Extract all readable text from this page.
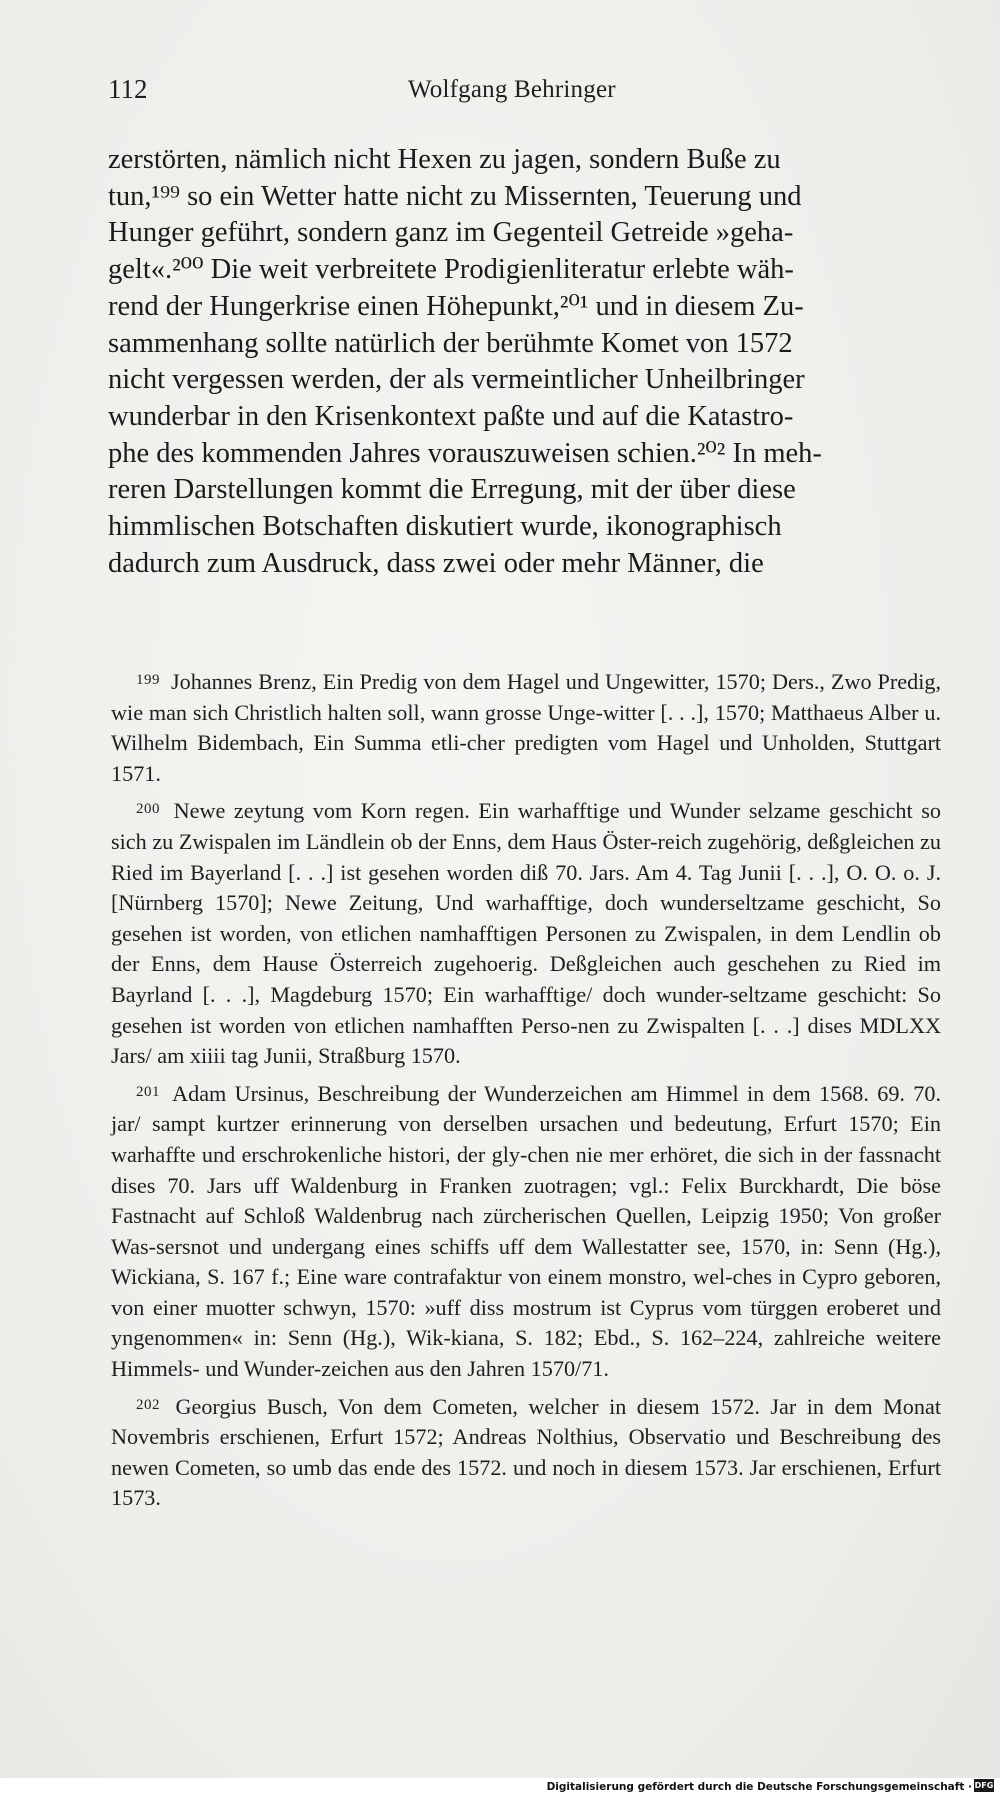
112	Wolfgang Behringer
zerstörten, nämlich nicht Hexen zu jagen, sondern Buße zu
tun,¹⁹⁹ so ein Wetter hatte nicht zu Missernten, Teuerung und
Hunger geführt, sondern ganz im Gegenteil Getreide »geha-
gelt«.²⁰⁰ Die weit verbreitete Prodigienliteratur erlebte wäh-
rend der Hungerkrise einen Höhepunkt,²⁰¹ und in diesem Zu-
sammenhang sollte natürlich der berühmte Komet von 1572
nicht vergessen werden, der als vermeintlicher Unheilbringer
wunderbar in den Krisenkontext paßte und auf die Katastro-
phe des kommenden Jahres vorauszuweisen schien.²⁰² In meh-
reren Darstellungen kommt die Erregung, mit der über diese
himmlischen Botschaften diskutiert wurde, ikonographisch
dadurch zum Ausdruck, dass zwei oder mehr Männer, die

$^{199}$ Johannes Brenz, Ein Predig von dem Hagel und Ungewitter, 1570; Ders., Zwo Predig, wie man sich Christlich halten soll, wann grosse Unge-witter [. . .], 1570; Matthaeus Alber u. Wilhelm Bidembach, Ein Summa etli-cher predigten vom Hagel und Unholden, Stuttgart 1571.

$^{200}$ Newe zeytung vom Korn regen. Ein warhafftige und Wunder selzame geschicht so sich zu Zwispalen im Ländlein ob der Enns, dem Haus Öster-reich zugehörig, deßgleichen zu Ried im Bayerland [. . .] ist gesehen worden diß 70. Jars. Am 4. Tag Junii [. . .], O. O. o. J. [Nürnberg 1570]; Newe Zeitung, Und warhafftige, doch wunderseltzame geschicht, So gesehen ist worden, von etlichen namhafftigen Personen zu Zwispalen, in dem Lendlin ob der Enns, dem Hause Österreich zugehoerig. Deßgleichen auch geschehen zu Ried im Bayrland [. . .], Magdeburg 1570; Ein warhafftige/ doch wunder-seltzame geschicht: So gesehen ist worden von etlichen namhafften Perso-nen zu Zwispalten [. . .] dises MDLXX Jars/ am xiiii tag Junii, Straßburg 1570.

$^{201}$ Adam Ursinus, Beschreibung der Wunderzeichen am Himmel in dem 1568. 69. 70. jar/ sampt kurtzer erinnerung von derselben ursachen und bedeutung, Erfurt 1570; Ein warhaffte und erschrokenliche histori, der gly-chen nie mer erhöret, die sich in der fassnacht dises 70. Jars uff Waldenburg in Franken zuotragen; vgl.: Felix Burckhardt, Die böse Fastnacht auf Schloß Waldenbrug nach zürcherischen Quellen, Leipzig 1950; Von großer Was-sersnot und undergang eines schiffs uff dem Wallestatter see, 1570, in: Senn (Hg.), Wickiana, S. 167 f.; Eine ware contrafaktur von einem monstro, wel-ches in Cypro geboren, von einer muotter schwyn, 1570: »uff diss mostrum ist Cyprus vom türggen eroberet und yngenommen« in: Senn (Hg.), Wik-kiana, S. 182; Ebd., S. 162–224, zahlreiche weitere Himmels- und Wunder-zeichen aus den Jahren 1570/71.

$^{202}$ Georgius Busch, Von dem Cometen, welcher in diesem 1572. Jar in dem Monat Novembris erschienen, Erfurt 1572; Andreas Nolthius, Observatio und Beschreibung des newen Cometen, so umb das ende des 1572. und noch in diesem 1573. Jar erschienen, Erfurt 1573.

Digitalisierung gefördert durch die Deutsche Forschungsgemeinschaft · DFG
